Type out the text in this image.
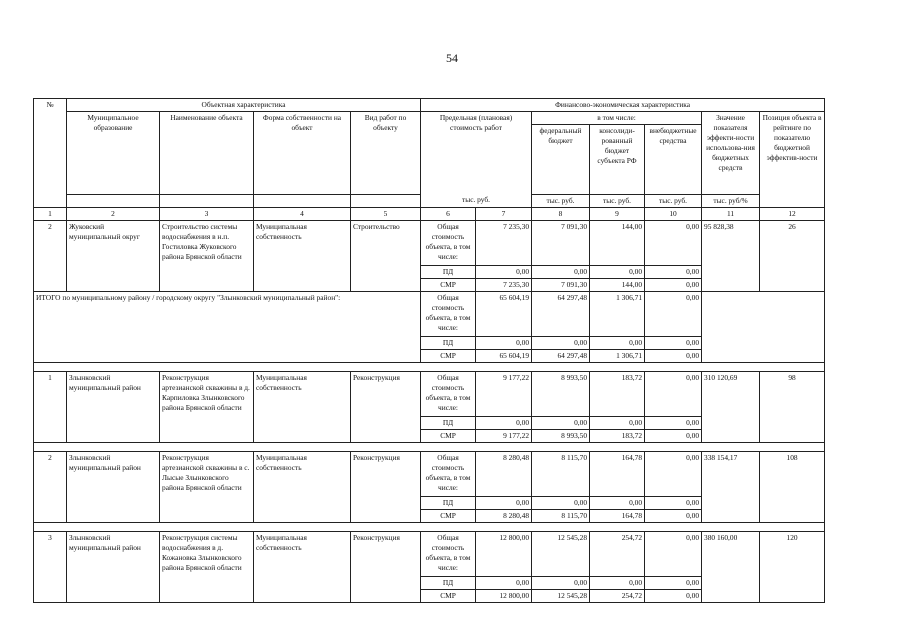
54
№	Объектная характеристика				Финансово-экономическая характеристика						
	Муниципальное образование	Наименование объекта	Форма собственности на объект	Вид работ по объекту	Предельная (плановая) стоимость работ		в том числе:			Значение показателя эффекти-ности использова-ния бюджетных средств	Позиция объекта в рейтинге по показателю бюджетной эффектив-ности
							федеральный бюджет	консолиди-рованный бюджет субъекта РФ	внебюджетные средства		
					тыс. руб.		тыс. руб.	тыс. руб.	тыс. руб.	тыс. руб/%	
1	2	3	4	5	6	7	8	9	10	11	12
2	Жуковский муниципальный округ	Строительство системы водоснабжения в н.п. Гостиловка Жуковского района Брянской области	Муниципальная собственность	Строительство	Общая стоимость объекта, в том числе:	7 235,30	7 091,30	144,00	0,00	95 828,38	26
					ПД	0,00	0,00	0,00	0,00		
					СМР	7 235,30	7 091,30	144,00	0,00		
ИТОГО по муниципальному району / городскому округу "Злынковский муниципальный район":					Общая стоимость объекта, в том числе:	65 604,19	64 297,48	1 306,71	0,00		
					ПД	0,00	0,00	0,00	0,00		
					СМР	65 604,19	64 297,48	1 306,71	0,00		

1	Злынковский муниципальный район	Реконструкция артезианской скважины в д. Карпиловка Злынковского района Брянской области	Муниципальная собственность	Реконструкция	Общая стоимость объекта, в том числе:	9 177,22	8 993,50	183,72	0,00	310 120,69	98
					ПД	0,00	0,00	0,00	0,00		
					СМР	9 177,22	8 993,50	183,72	0,00		

2	Злынковский муниципальный район	Реконструкция артезианской скважины в с. Лысые Злынковского района Брянской области	Муниципальная собственность	Реконструкция	Общая стоимость объекта, в том числе:	8 280,48	8 115,70	164,78	0,00	338 154,17	108
					ПД	0,00	0,00	0,00	0,00		
					СМР	8 280,48	8 115,70	164,78	0,00		

3	Злынковский муниципальный район	Реконструкция системы водоснабжения в д. Кожановка Злынковского района Брянской области	Муниципальная собственность	Реконструкция	Общая стоимость объекта, в том числе:	12 800,00	12 545,28	254,72	0,00	380 160,00	120
					ПД	0,00	0,00	0,00	0,00		
					СМР	12 800,00	12 545,28	254,72	0,00		
